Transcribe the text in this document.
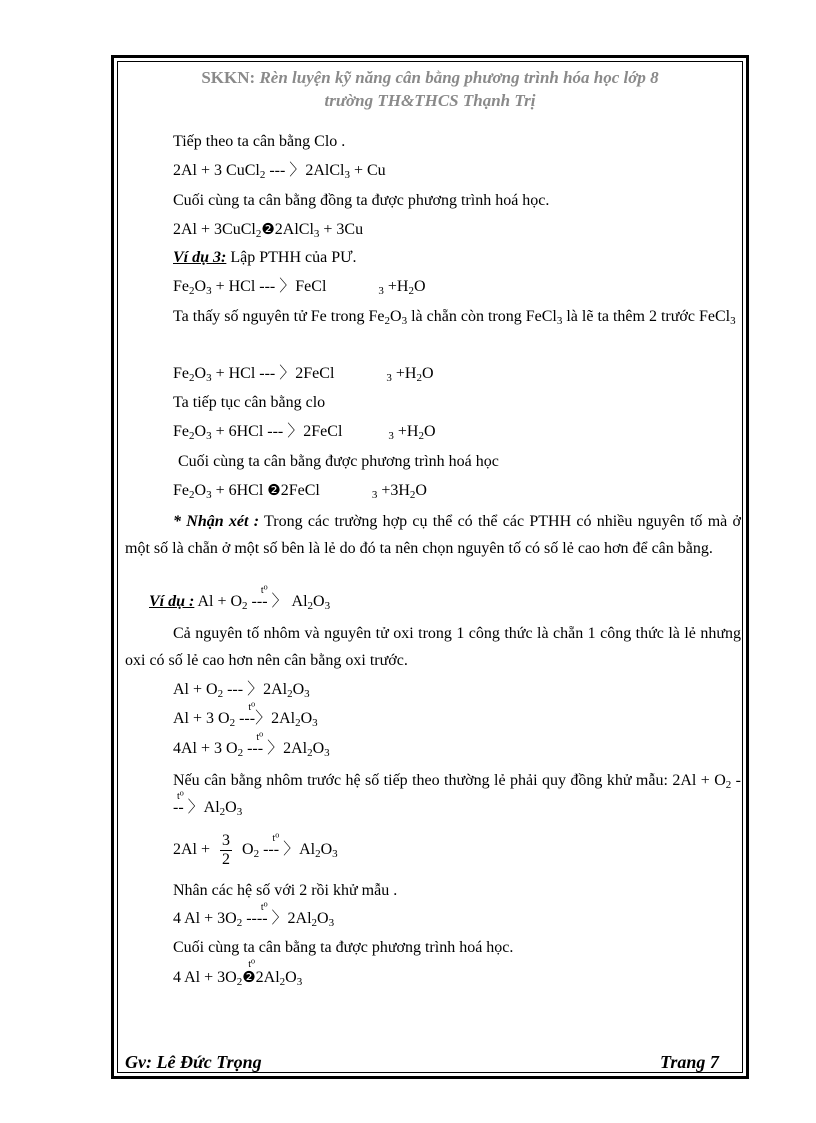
SKKN: Rèn luyện kỹ năng cân bằng phương trình hóa học lớp 8
trường TH&THCS Thạnh Trị
Tiếp theo ta cân bằng Clo .
2Al + 3 CuCl$_2$ --- 〉2AlCl$_3$ + Cu
Cuối cùng ta cân bằng đồng ta được phương trình hoá học.
2Al + 3CuCl$_2$❷2AlCl$_3$ + 3Cu
Ví dụ 3: Lập PTHH của PƯ.
$Fe_2O_3$ + HCl --- 〉FeCl	$_3 +H_2O$
Ta thấy số nguyên tử Fe trong $Fe_2O_3$ là chẵn còn trong FeCl$_3$ là lẽ ta thêm 2 trước FeCl$_3$
$Fe_2O_3$ + HCl --- 〉2FeCl	$_3 +H_2O$
Ta tiếp tục cân bằng clo
$Fe_2O_3 + 6HCl$ --- 〉2FeCl	$_3 +H_2O$
Cuối cùng ta cân bằng được phương trình hoá học
$Fe_2O_3 + 6HCl$ ❷2FeCl	$_3 +3H_2O$
* Nhận xét : Trong các trường hợp cụ thể có thể các PTHH có nhiều nguyên tố mà ở một số là chẵn ở một số bên là lẻ do đó ta nên chọn nguyên tố có số lẻ cao hơn để cân bằng.
Ví dụ : $Al + O_2$ --
t⁰
- 〉 $Al_2O_3$
Cả nguyên tố nhôm và nguyên tử oxi trong 1 công thức là chẵn 1 công thức là lẻ nhưng oxi có số lẻ cao hơn nên cân bằng oxi trước.
$Al + O_2$ --- 〉$2Al_2O_3$
Al + 3 $O_2$ --
t⁰
-〉$2Al_2O_3$
4Al + 3 $O_2$ --
t⁰
- 〉$2Al_2O_3$
Nếu cân bằng nhôm trước hệ số tiếp theo thường lẻ phải quy đồng khử mẫu: $2Al + O_2$ --
t⁰
- 〉$Al_2O_3$
$2Al + \frac{3}{2} O_2$ --
t⁰
- 〉$Al_2O_3$
Nhân các hệ số với 2 rồi khử mẫu .
4 $Al + 3O_2$ ---
t⁰
- 〉$2Al_2O_3$
Cuối cùng ta cân bằng ta được phương trình hoá học.
4 $Al + 3O_2$
t⁰
$❷2Al_2O_3$
Gv: Lê Đức Trọng	Trang 7
